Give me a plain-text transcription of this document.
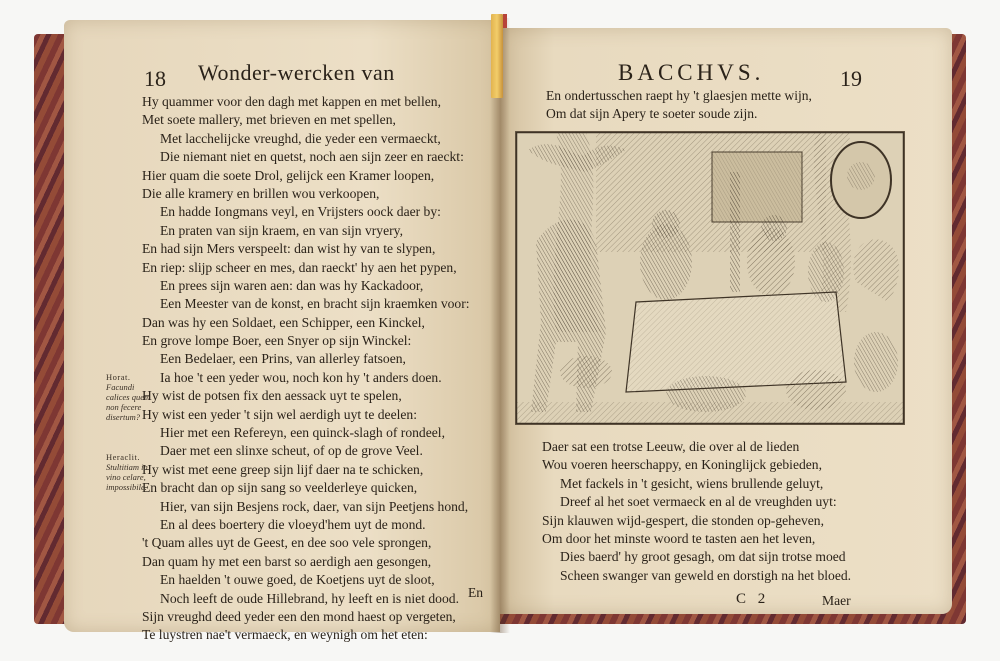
18 Wonder-wercken van
Hy quammer voor den dagh met kappen en met bellen,
Met soete mallery, met brieven en met spellen,
Met lacchelijcke vreughd, die yeder een vermaeckt,
Die niemant niet en quetst, noch aen sijn zeer en raeckt:
Hier quam die soete Drol, gelijck een Kramer loopen,
Die alle kramery en brillen wou verkoopen,
En hadde Iongmans veyl, en Vrijsters oock daer by:
En praten van sijn kraem, en van sijn vryery,
En had sijn Mers verspeelt: dan wist hy van te slypen,
En riep: slijp scheer en mes, dan raeckt' hy aen het pypen,
En prees sijn waren aen: dan was hy Kackadoor,
Een Meester van de konst, en bracht sijn kraemken voor:
Dan was hy een Soldaet, een Schipper, een Kinckel,
En grove lompe Boer, een Snyer op sijn Winckel:
Een Bedelaer, een Prins, van allerley fatsoen,
Ia hoe 't een yeder wou, noch kon hy 't anders doen.
Hy wist de potsen fix den aessack uyt te spelen,
Hy wist een yeder 't sijn wel aerdigh uyt te deelen:
Hier met een Refereyn, een quinck-slagh of rondeel,
Daer met een slinxe scheut, of op de grove Veel.
Hy wist met eene greep sijn lijf daer na te schicken,
En bracht dan op sijn sang so veelderleye quicken,
Hier, van sijn Besjens rock, daer, van sijn Peetjens hond,
En al dees boertery die vloeyd'hem uyt de mond.
't Quam alles uyt de Geest, en dee soo vele sprongen,
Dan quam hy met een barst so aerdigh aen gesongen,
En haelden 't ouwe goed, de Koetjens uyt de sloot,
Noch leeft de oude Hillebrand, hy leeft en is niet dood.
Sijn vreughd deed yeder een den mond haest op vergeten,
Te luystren nae't vermaeck, en weynigh om het eten:
Horat.
Facundi calices quem non fecere disertum?
Heraclit.
Stultitiam in vino celare, impossibile.
En
BACCHVS.	19
En ondertusschen raept hy 't glaesjen mette wijn,
Om dat sijn Apery te soeter soude zijn.
Daer sat een trotse Leeuw, die over al de lieden
Wou voeren heerschappy, en Koninglijck gebieden,
Met fackels in 't gesicht, wiens brullende geluyt,
Dreef al het soet vermaeck en al de vreughden uyt:
Sijn klauwen wijd-gespert, die stonden op-geheven,
Om door het minste woord te tasten aen het leven,
Dies baerd' hy groot gesagh, om dat sijn trotse moed
Scheen swanger van geweld en dorstigh na het bloed.
C 2	Maer
